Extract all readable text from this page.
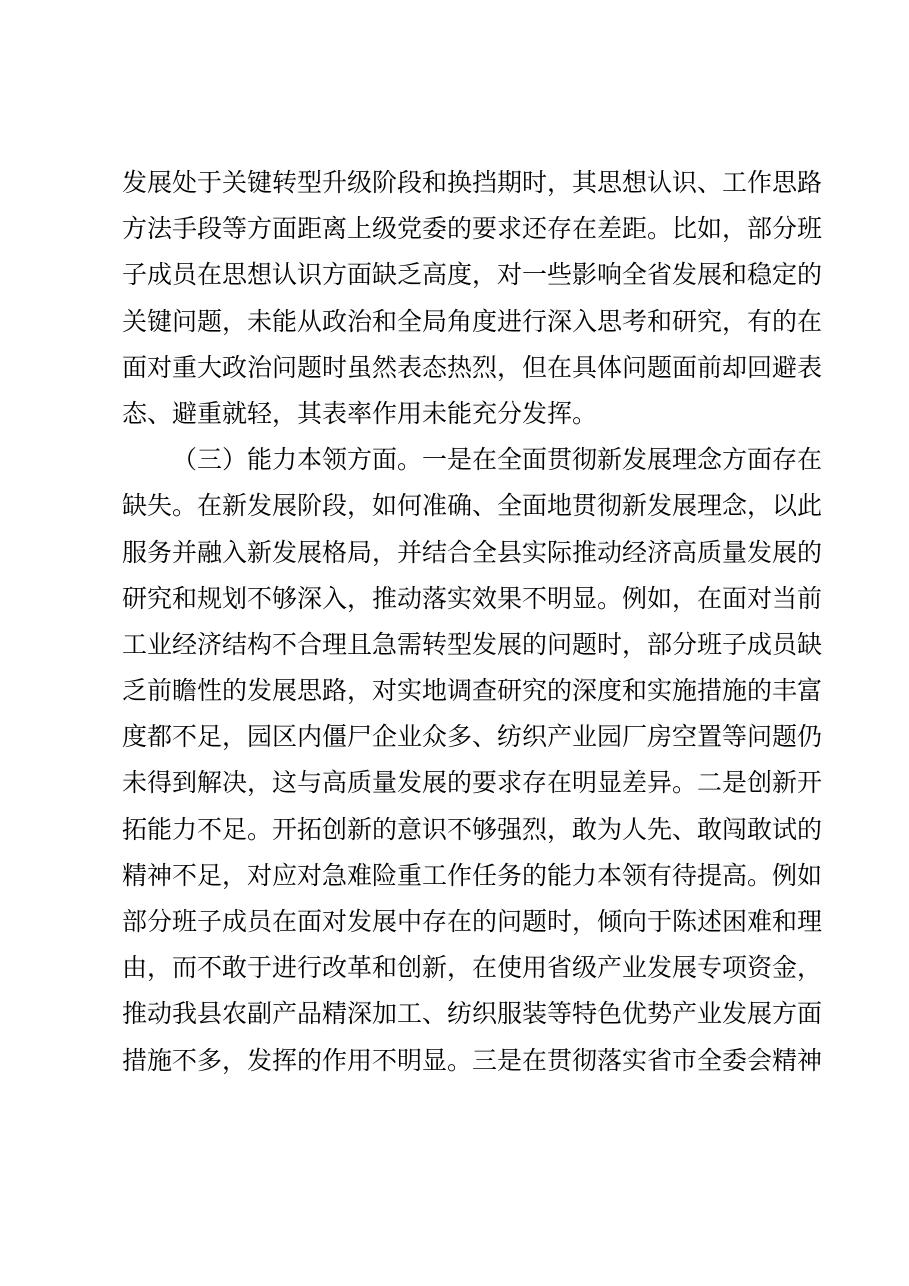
发展处于关键转型升级阶段和换挡期时，其思想认识、工作思路
方法手段等方面距离上级党委的要求还存在差距。比如，部分班
子成员在思想认识方面缺乏高度，对一些影响全省发展和稳定的
关键问题，未能从政治和全局角度进行深入思考和研究，有的在
面对重大政治问题时虽然表态热烈，但在具体问题面前却回避表
态、避重就轻，其表率作用未能充分发挥。
（三）能力本领方面。一是在全面贯彻新发展理念方面存在
缺失。在新发展阶段，如何准确、全面地贯彻新发展理念，以此
服务并融入新发展格局，并结合全县实际推动经济高质量发展的
研究和规划不够深入，推动落实效果不明显。例如，在面对当前
工业经济结构不合理且急需转型发展的问题时，部分班子成员缺
乏前瞻性的发展思路，对实地调查研究的深度和实施措施的丰富
度都不足，园区内僵尸企业众多、纺织产业园厂房空置等问题仍
未得到解决，这与高质量发展的要求存在明显差异。二是创新开
拓能力不足。开拓创新的意识不够强烈，敢为人先、敢闯敢试的
精神不足，对应对急难险重工作任务的能力本领有待提高。例如
部分班子成员在面对发展中存在的问题时，倾向于陈述困难和理
由，而不敢于进行改革和创新，在使用省级产业发展专项资金，
推动我县农副产品精深加工、纺织服装等特色优势产业发展方面
措施不多，发挥的作用不明显。三是在贯彻落实省市全委会精神
